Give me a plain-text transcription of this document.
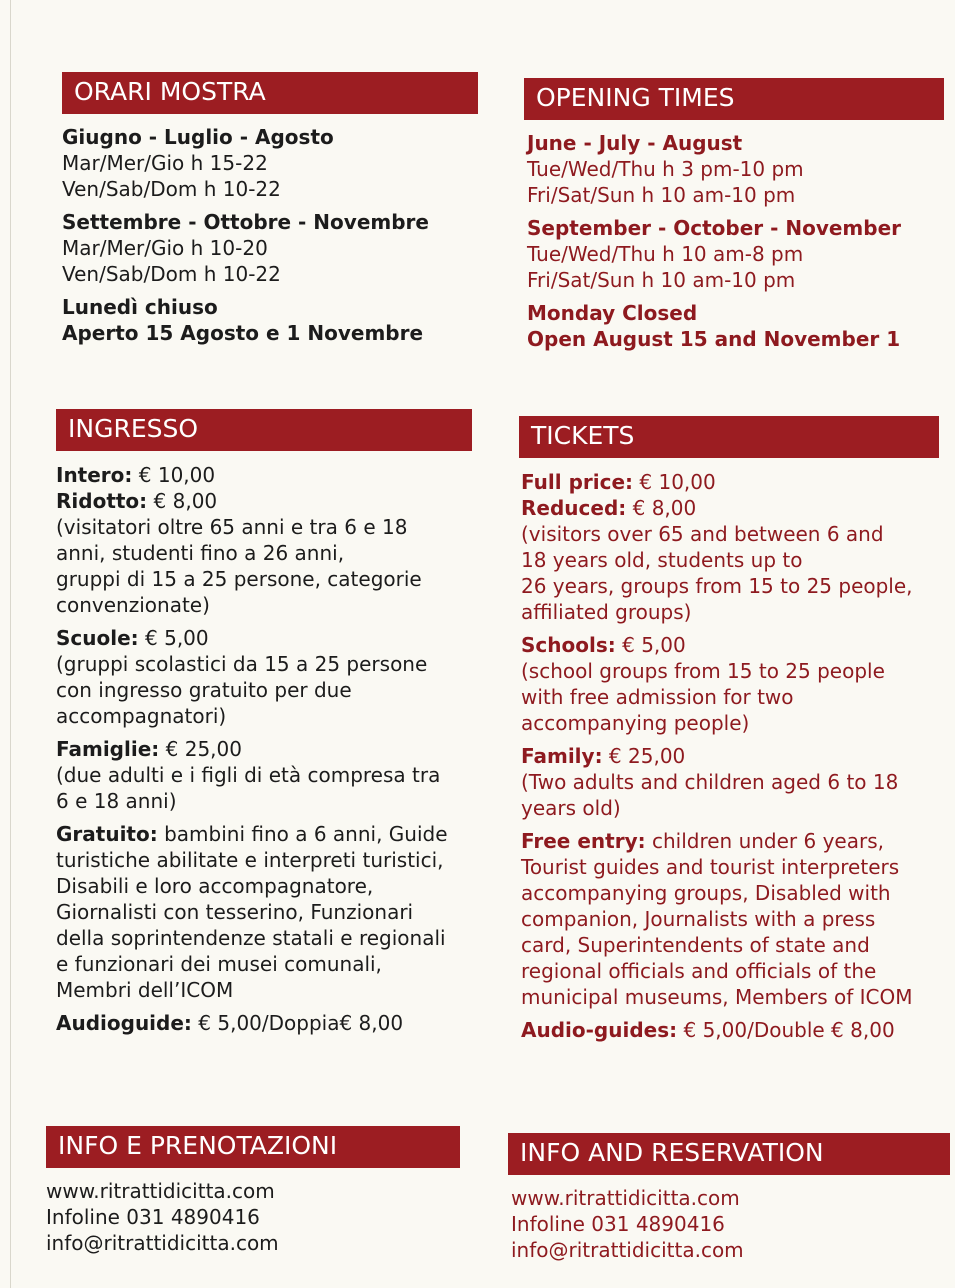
ORARI MOSTRA

Giugno - Luglio - Agosto

Mar/Mer/Gio h 15-22

Ven/Sab/Dom h 10-22

Settembre - Ottobre - Novembre

Mar/Mer/Gio h 10-20

Ven/Sab/Dom h 10-22

Lunedì chiuso

Aperto 15 Agosto e 1 Novembre

INGRESSO

Intero: € 10,00

Ridotto: € 8,00

(visitatori oltre 65 anni e tra 6 e 18

anni, studenti fino a 26 anni,

gruppi di 15 a 25 persone, categorie

convenzionate)

Scuole: € 5,00

(gruppi scolastici da 15 a 25 persone

con ingresso gratuito per due

accompagnatori)

Famiglie: € 25,00

(due adulti e i figli di età compresa tra

6 e 18 anni)

Gratuito: bambini fino a 6 anni, Guide

turistiche abilitate e interpreti turistici,

Disabili e loro accompagnatore,

Giornalisti con tesserino, Funzionari

della soprintendenze statali e regionali

e funzionari dei musei comunali,

Membri dell’ICOM

Audioguide: € 5,00/Doppia€ 8,00

INFO E PRENOTAZIONI

www.ritrattidicitta.com

Infoline 031 4890416

info@ritrattidicitta.com

OPENING TIMES

June - July - August

Tue/Wed/Thu h 3 pm-10 pm

Fri/Sat/Sun h 10 am-10 pm

September - October - November

Tue/Wed/Thu h 10 am-8 pm

Fri/Sat/Sun h 10 am-10 pm

Monday Closed

Open August 15 and November 1

TICKETS

Full price: € 10,00

Reduced: € 8,00

(visitors over 65 and between 6 and

18 years old, students up to

26 years, groups from 15 to 25 people,

affiliated groups)

Schools: € 5,00

(school groups from 15 to 25 people

with free admission for two

accompanying people)

Family: € 25,00

(Two adults and children aged 6 to 18

years old)

Free entry: children under 6 years,

Tourist guides and tourist interpreters

accompanying groups, Disabled with

companion, Journalists with a press

card, Superintendents of state and

regional officials and officials of the

municipal museums, Members of ICOM

Audio-guides: € 5,00/Double € 8,00

INFO AND RESERVATION

www.ritrattidicitta.com

Infoline 031 4890416

info@ritrattidicitta.com
